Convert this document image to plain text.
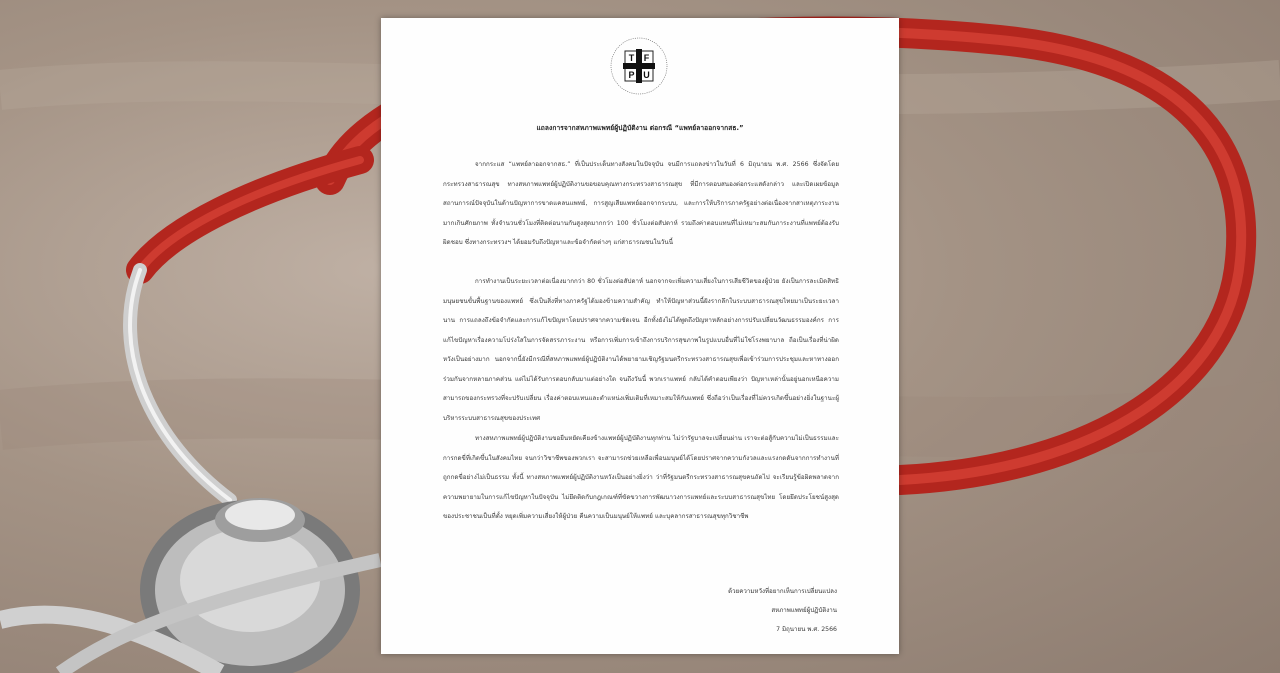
T F
P U
แถลงการจากสหภาพแพทย์ผู้ปฏิบัติงาน ต่อกรณี “แพทย์ลาออกจากสธ.”
จากกระแส “แพทย์ลาออกจากสธ.” ที่เป็นประเด็นทางสังคมในปัจจุบัน จนมีการแถลงข่าวในวันที่ 6 มิถุนายน พ.ศ. 2566 ซึ่งจัดโดยกระทรวงสาธารณสุข ทางสหภาพแพทย์ผู้ปฏิบัติงานขอขอบคุณทางกระทรวงสาธารณสุข ที่มีการตอบสนองต่อกระแสดังกล่าว และเปิดเผยข้อมูลสถานการณ์ปัจจุบันในด้านปัญหาการขาดแคลนแพทย์, การสูญเสียแพทย์ออกจากระบบ, และการให้บริการภาครัฐอย่างต่อเนื่องจากสาเหตุภาระงานมากเกินศักยภาพ ทั้งจำนวนชั่วโมงที่ติดต่อนานกันสูงสุดมากกว่า 100 ชั่วโมงต่อสัปดาห์ รวมถึงค่าตอบแทนที่ไม่เหมาะสมกับภาระงานที่แพทย์ต้องรับผิดชอบ ซึ่งทางกระทรวงฯ ได้ยอมรับถึงปัญหาและข้อจำกัดต่างๆ แก่สาธารณชนในวันนี้
การทำงานเป็นระยะเวลาต่อเนื่องมากกว่า 80 ชั่วโมงต่อสัปดาห์ นอกจากจะเพิ่มความเสี่ยงในการเสียชีวิตของผู้ป่วย ยังเป็นการละเมิดสิทธิมนุษยชนขั้นพื้นฐานของแพทย์ ซึ่งเป็นสิ่งที่ทางภาครัฐได้มองข้ามความสำคัญ ทำให้ปัญหาส่วนนี้ฝังรากลึกในระบบสาธารณสุขไทยมาเป็นระยะเวลานาน การแถลงถึงข้อจำกัดและการแก้ไขปัญหาโดยปราศจากความชัดเจน อีกทั้งยังไม่ได้พูดถึงปัญหาหลักอย่างการปรับเปลี่ยนวัฒนธรรมองค์กร การแก้ไขปัญหาเรื่องความโปร่งใสในการจัดสรรภาระงาน หรือการเพิ่มการเข้าถึงการบริการสุขภาพในรูปแบบอื่นที่ไม่ใช่โรงพยาบาล ถือเป็นเรื่องที่น่าผิดหวังเป็นอย่างมาก นอกจากนี้ยังมีกรณีที่สหภาพแพทย์ผู้ปฏิบัติงานได้พยายามเชิญรัฐมนตรีกระทรวงสาธารณสุขเพื่อเข้าร่วมการประชุมและหาทางออกร่วมกันจากหลายภาคส่วน แต่ไม่ได้รับการตอบกลับมาแต่อย่างใด จนถึงวันนี้ พวกเราแพทย์ กลับได้คำตอบเพียงว่า ปัญหาเหล่านั้นอยู่นอกเหนือความสามารถของกระทรวงที่จะปรับเปลี่ยน เรื่องค่าตอบแทนและตำแหน่งเพิ่มเติมที่เหมาะสมให้กับแพทย์ ซึ่งถือว่าเป็นเรื่องที่ไม่ควรเกิดขึ้นอย่างยิ่งในฐานะผู้บริหารระบบสาธารณสุขของประเทศ
ทางสหภาพแพทย์ผู้ปฏิบัติงานขอยืนหยัดเคียงข้างแพทย์ผู้ปฏิบัติงานทุกท่าน ไม่ว่ารัฐบาลจะเปลี่ยนผ่าน เราจะต่อสู้กับความไม่เป็นธรรมและการกดขี่ที่เกิดขึ้นในสังคมไทย จนกว่าวิชาชีพของพวกเรา จะสามารถช่วยเหลือเพื่อนมนุษย์ได้โดยปราศจากความกังวลและแรงกดดันจากการทำงานที่ถูกกดขี่อย่างไม่เป็นธรรม ทั้งนี้ ทางสหภาพแพทย์ผู้ปฏิบัติงานหวังเป็นอย่างยิ่งว่า ว่าที่รัฐมนตรีกระทรวงสาธารณสุขคนถัดไป จะเรียนรู้ข้อผิดพลาดจากความพยายามในการแก้ไขปัญหาในปัจจุบัน ไม่ยึดติดกับกฎเกณฑ์ที่ขัดขวางการพัฒนาวงการแพทย์และระบบสาธารณสุขไทย โดยยึดประโยชน์สูงสุดของประชาชนเป็นที่ตั้ง หยุดเพิ่มความเสี่ยงให้ผู้ป่วย คืนความเป็นมนุษย์ให้แพทย์ และบุคลากรสาธารณสุขทุกวิชาชีพ
ด้วยความหวังที่อยากเห็นการเปลี่ยนแปลง
สหภาพแพทย์ผู้ปฏิบัติงาน
7 มิถุนายน พ.ศ. 2566
